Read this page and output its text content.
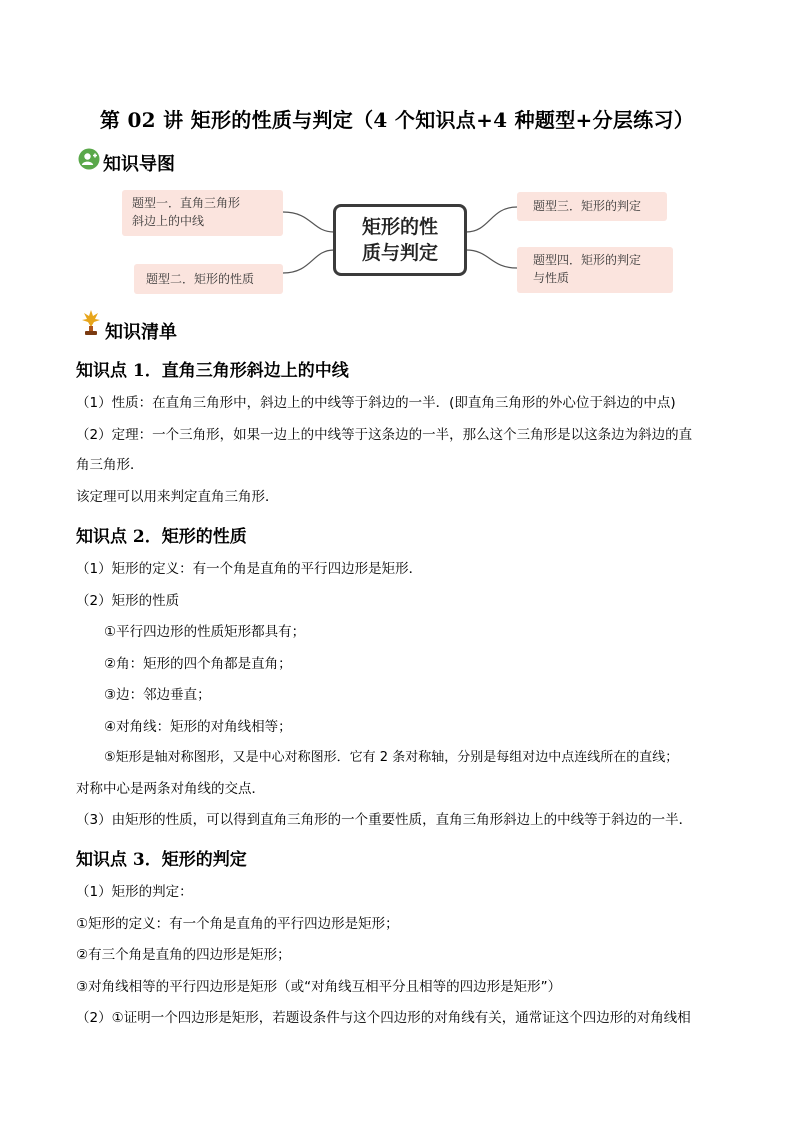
第 02 讲 矩形的性质与判定（4 个知识点+4 种题型+分层练习）
知识导图
矩形的性
质与判定
题型一．直角三角形
斜边上的中线
题型二．矩形的性质
题型三．矩形的判定
题型四．矩形的判定
与性质
知识清单
知识点 1．直角三角形斜边上的中线
（1）性质：在直角三角形中，斜边上的中线等于斜边的一半．(即直角三角形的外心位于斜边的中点)
（2）定理：一个三角形，如果一边上的中线等于这条边的一半，那么这个三角形是以这条边为斜边的直
角三角形．
该定理可以用来判定直角三角形．
知识点 2．矩形的性质
（1）矩形的定义：有一个角是直角的平行四边形是矩形．
（2）矩形的性质
①平行四边形的性质矩形都具有；
②角：矩形的四个角都是直角；
③边：邻边垂直；
④对角线：矩形的对角线相等；
⑤矩形是轴对称图形，又是中心对称图形．它有 2 条对称轴，分别是每组对边中点连线所在的直线；
对称中心是两条对角线的交点．
（3）由矩形的性质，可以得到直角三角形的一个重要性质，直角三角形斜边上的中线等于斜边的一半．
知识点 3．矩形的判定
（1）矩形的判定：
①矩形的定义：有一个角是直角的平行四边形是矩形；
②有三个角是直角的四边形是矩形；
③对角线相等的平行四边形是矩形（或“对角线互相平分且相等的四边形是矩形”）
（2）①证明一个四边形是矩形，若题设条件与这个四边形的对角线有关，通常证这个四边形的对角线相
